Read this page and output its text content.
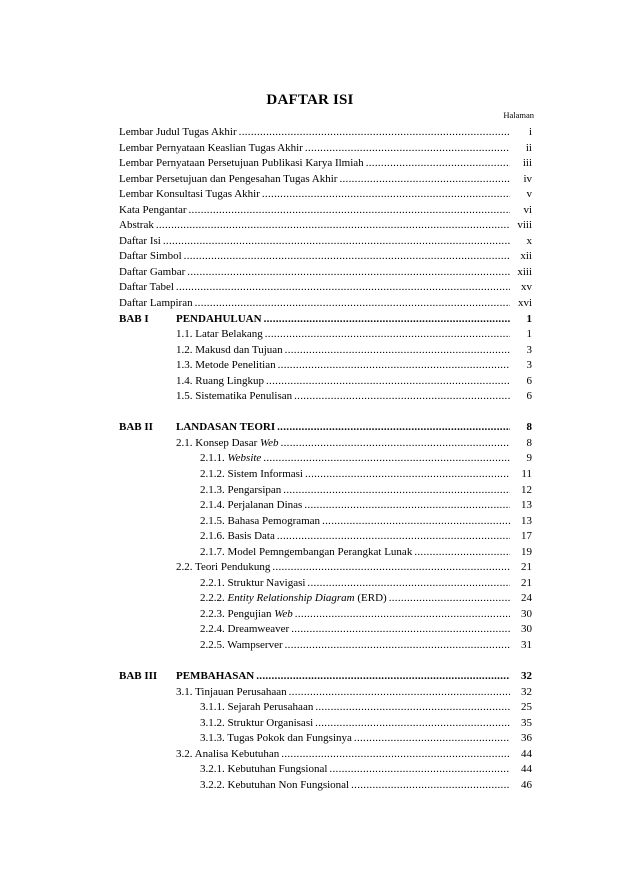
DAFTAR ISI
Halaman
Lembar Judul Tugas Akhir .....	i
Lembar Pernyataan Keaslian Tugas Akhir .....	ii
Lembar Pernyataan Persetujuan Publikasi Karya Ilmiah .....	iii
Lembar Persetujuan dan Pengesahan Tugas Akhir .....	iv
Lembar Konsultasi Tugas Akhir .....	v
Kata Pengantar .....	vi
Abstrak .....	viii
Daftar Isi .....	x
Daftar Simbol .....	xii
Daftar Gambar .....	xiii
Daftar Tabel .....	xv
Daftar Lampiran .....	xvi
BAB I PENDAHULUAN .....	1
1.1. Latar Belakang .....	1
1.2. Makusd dan Tujuan .....	3
1.3. Metode Penelitian .....	3
1.4. Ruang Lingkup .....	6
1.5. Sistematika Penulisan .....	6
BAB II LANDASAN TEORI .....	8
2.1. Konsep Dasar Web .....	8
2.1.1. Website .....	9
2.1.2. Sistem Informasi .....	11
2.1.3. Pengarsipan .....	12
2.1.4. Perjalanan Dinas .....	13
2.1.5. Bahasa Pemograman .....	13
2.1.6. Basis Data .....	17
2.1.7. Model Pemngembangan Perangkat Lunak .....	19
2.2. Teori Pendukung .....	21
2.2.1. Struktur Navigasi .....	21
2.2.2. Entity Relationship Diagram (ERD) .....	24
2.2.3. Pengujian Web .....	30
2.2.4. Dreamweaver .....	30
2.2.5. Wampserver .....	31
BAB III PEMBAHASAN .....	32
3.1. Tinjauan Perusahaan .....	32
3.1.1. Sejarah Perusahaan .....	25
3.1.2. Struktur Organisasi .....	35
3.1.3. Tugas Pokok dan Fungsinya .....	36
3.2. Analisa Kebutuhan .....	44
3.2.1. Kebutuhan Fungsional .....	44
3.2.2. Kebutuhan Non Fungsional .....	46
